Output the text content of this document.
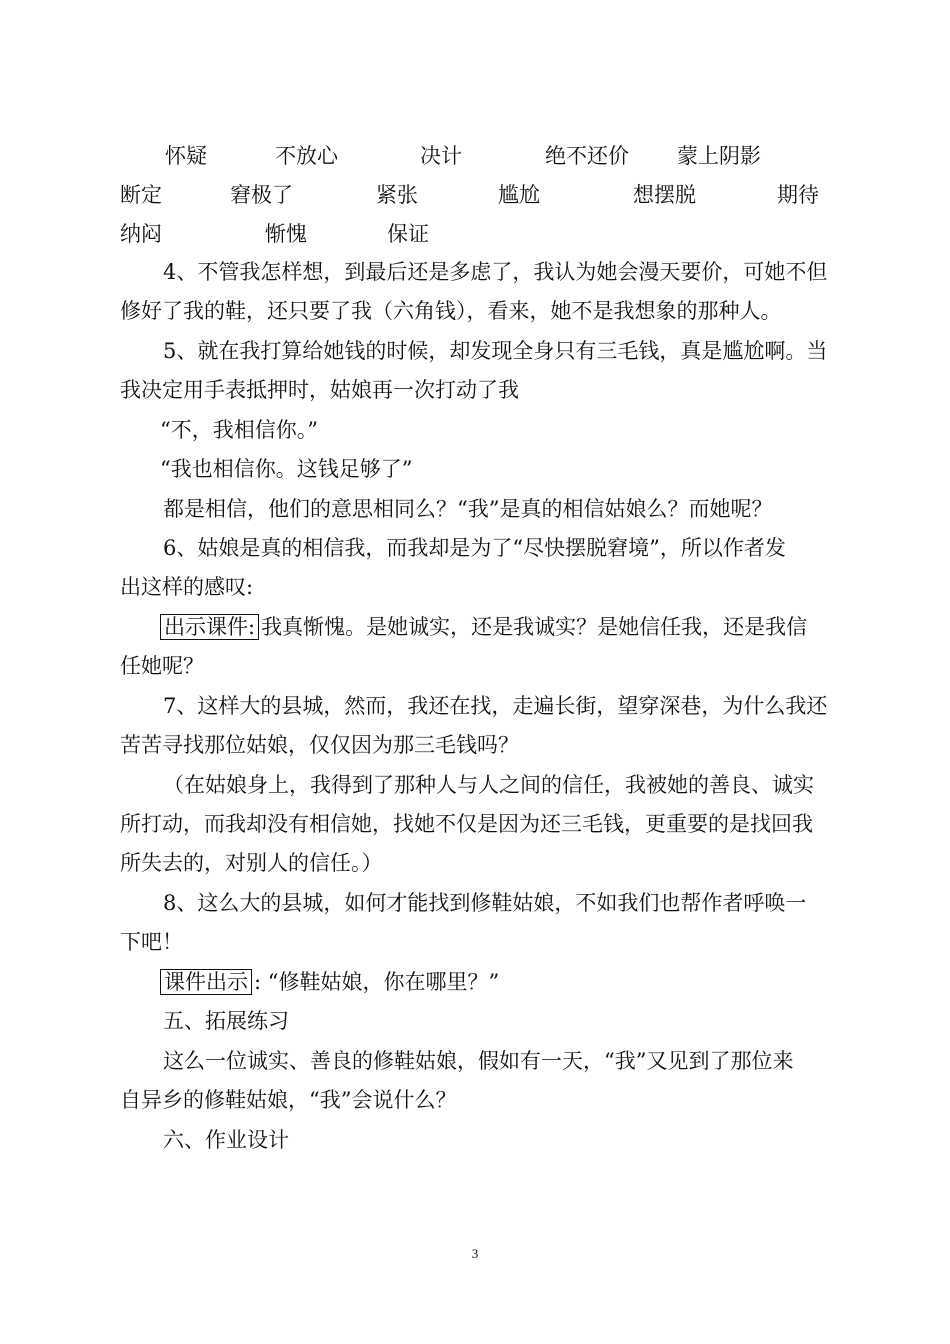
怀疑	不放心	决计	绝不还价 蒙上阴影
断定	窘极了	紧张	尴尬	想摆脱	期待
纳闷	惭愧	保证
4、不管我怎样想，到最后还是多虑了，我认为她会漫天要价，可她不但
修好了我的鞋，还只要了我（六角钱），看来，她不是我想象的那种人。
5、就在我打算给她钱的时候，却发现全身只有三毛钱，真是尴尬啊。当
我决定用手表抵押时，姑娘再一次打动了我
“不，我相信你。”
“我也相信你。这钱足够了”
都是相信，他们的意思相同么？“我”是真的相信姑娘么？而她呢？
6、姑娘是真的相信我，而我却是为了“尽快摆脱窘境”，所以作者发
出这样的感叹:
出示课件: 我真惭愧。是她诚实，还是我诚实？是她信任我，还是我信
任她呢？
7、这样大的县城，然而，我还在找，走遍长街，望穿深巷，为什么我还
苦苦寻找那位姑娘，仅仅因为那三毛钱吗？
（在姑娘身上，我得到了那种人与人之间的信任，我被她的善良、诚实
所打动，而我却没有相信她，找她不仅是因为还三毛钱，更重要的是找回我
所失去的，对别人的信任。）
8、这么大的县城，如何才能找到修鞋姑娘，不如我们也帮作者呼唤一
下吧！
课件出示 : “修鞋姑娘，你在哪里？”
五、拓展练习
这么一位诚实、善良的修鞋姑娘，假如有一天，“我”又见到了那位来
自异乡的修鞋姑娘，“我”会说什么？
六、作业设计
3
